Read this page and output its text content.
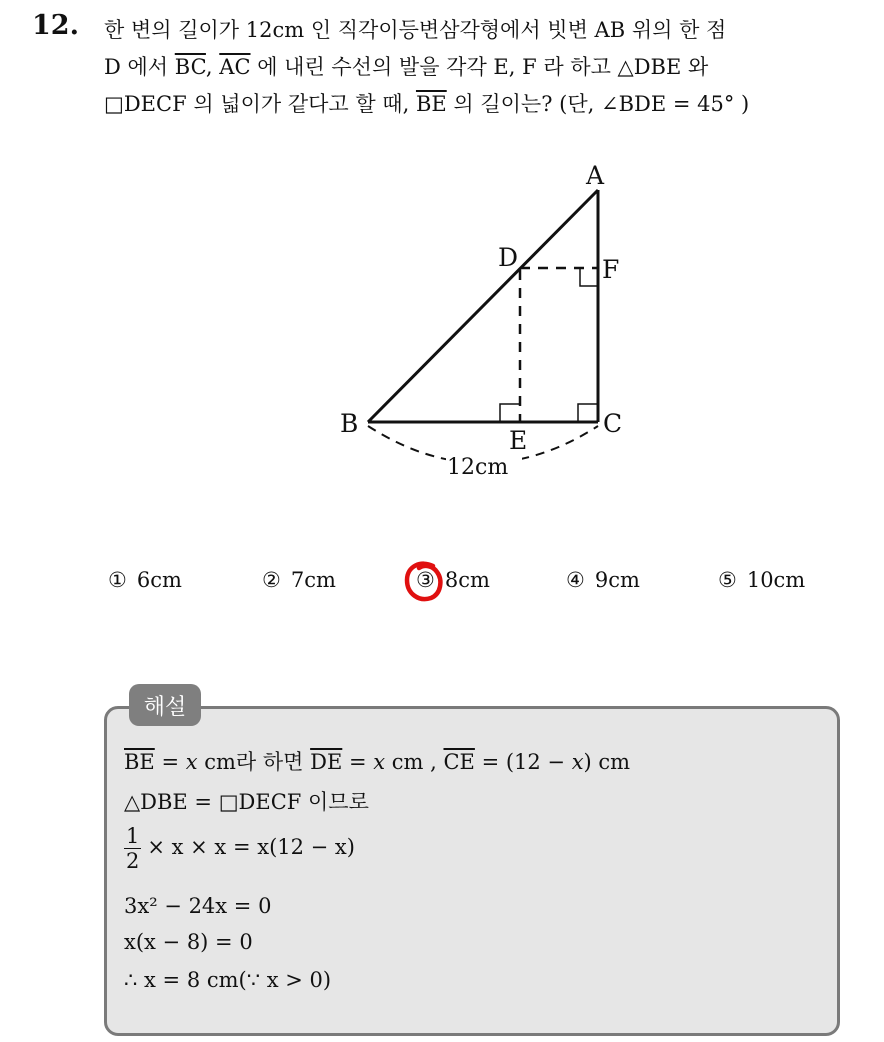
12. 한 변의 길이가 12cm 인 직각이등변삼각형에서 빗변 AB 위의 한 점
D 에서 $\overline{BC}$, $\overline{AC}$ 에 내린 수선의 발을 각각 E, F 라 하고 △DBE 와
□DECF 의 넓이가 같다고 할 때, $\overline{BE}$ 의 길이는? (단, ∠BDE = 45° )
A
B	C
D
E
F
12cm
① 6cm	② 7cm	③ 8cm	④ 9cm	⑤ 10cm
해설
$\overline{BE} = x$ cm라 하면 $\overline{DE} = x$ cm , $\overline{CE} = (12 - x)$ cm
△DBE = □DECF 이므로
$\frac{1}{2} \times x \times x = x(12 - x)$
3x² − 24x = 0
x(x − 8) = 0
∴ x = 8 cm(∵ x > 0)
